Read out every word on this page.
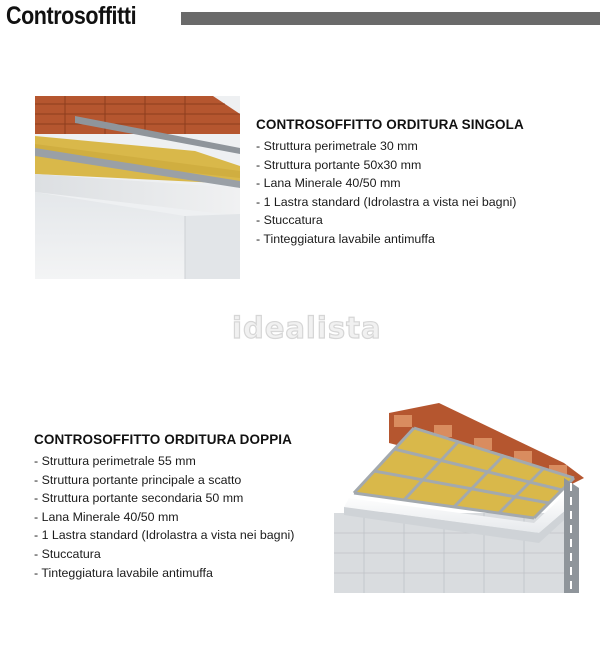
Controsoffitti
CONTROSOFFITTO ORDITURA SINGOLA
- Struttura perimetrale 30 mm
- Struttura portante 50x30 mm
- Lana Minerale 40/50 mm
- 1 Lastra standard (Idrolastra a vista nei bagni)
- Stuccatura
- Tinteggiatura lavabile antimuffa
idealista
CONTROSOFFITTO ORDITURA DOPPIA
- Struttura perimetrale 55 mm
- Struttura portante principale a scatto
- Struttura portante secondaria 50 mm
- Lana Minerale 40/50 mm
- 1 Lastra standard (Idrolastra a vista nei bagni)
- Stuccatura
- Tinteggiatura lavabile antimuffa
